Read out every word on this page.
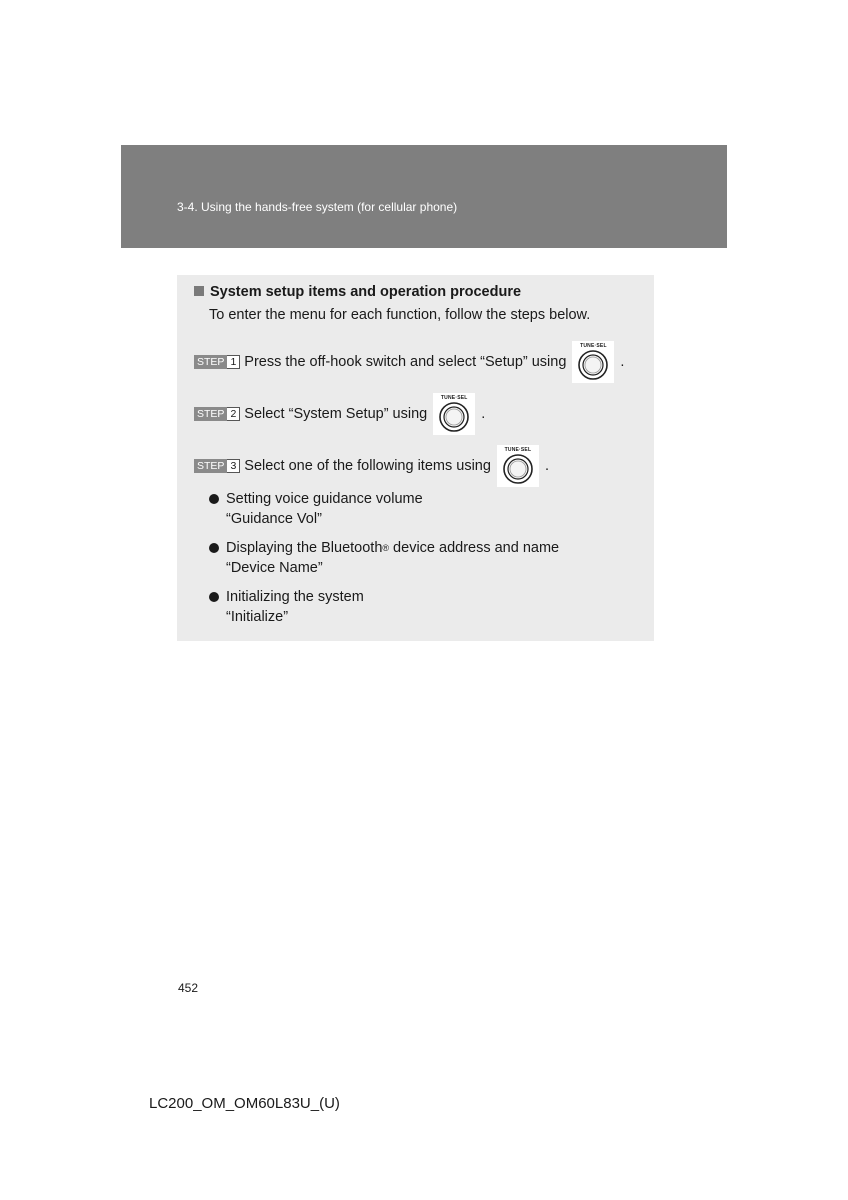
3-4. Using the hands-free system (for cellular phone)
System setup items and operation procedure
To enter the menu for each function, follow the steps below.
STEP 1 Press the off-hook switch and select “Setup” using
TUNE·SEL
.
STEP 2 Select “System Setup” using
TUNE·SEL
.
STEP 3 Select one of the following items using
TUNE·SEL
.
Setting voice guidance volume
“Guidance Vol”
Displaying the Bluetooth ® device address and name
“Device Name”
Initializing the system
“Initialize”
452
LC200_OM_OM60L83U_(U)
